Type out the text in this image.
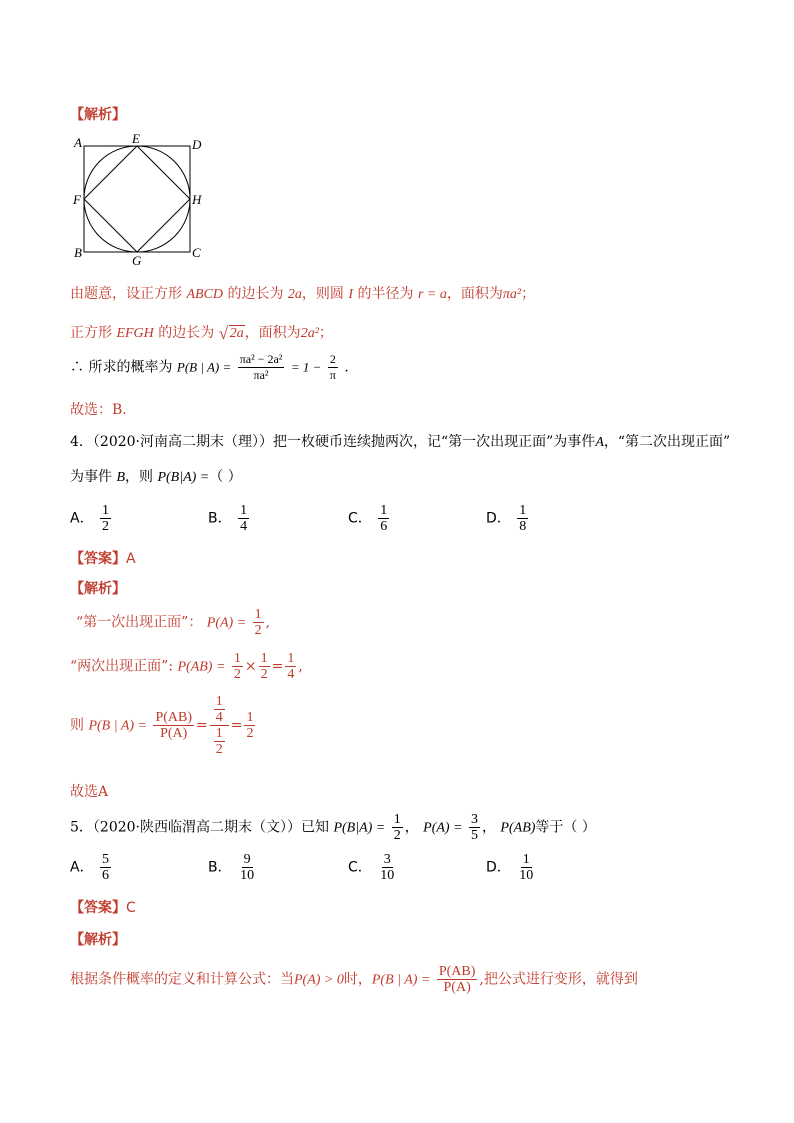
【解析】
A	E	D
F	H
B
G
C
由题意，设正方形 ABCD 的边长为 2a，则圆 I 的半径为 r = a，面积为πa²；
正方形 EFGH 的边长为 √ 2a，面积为2a²；
∴ 所求的概率为 P(B | $A) = \frac{\text{πa² − 2a²}}{\text{πa²}} = 1 - \frac{2}{\pi}$ .
故选：B.
4．（2020·河南高二期末（理））把一枚硬币连续抛两次，记“第一次出现正面”为事件A，“第二次出现正面”
为事件 B，则 P(B|A) =（ ）
A． $\frac{1}{2}$	B． $\frac{1}{4}$	C． $\frac{1}{6}$	D． $\frac{1}{8}$
【答案】A
【解析】
“第一次出现正面”： $P(A) = \frac{1}{2}$ ,
“两次出现正面”: $P(AB) = \frac{1}{2} \times \frac{1}{2} = \frac{1}{4}$ ,
则 P(B | $A) = \frac{P(AB)}{P(A)} = \frac{\frac{1}{4}}{\frac{1}{2}} = \frac{1}{2}$
故选A
5．（2020·陕西临渭高二期末（文））已知 $P(B|A) = \frac{1}{2}$ ， $P(A) = \frac{3}{5}$ ， P(AB)等于（ ）
A． $\frac{5}{6}$	B． $\frac{9}{10}$	C． $\frac{3}{10}$	D． $\frac{1}{10}$
【答案】C
【解析】
根据条件概率的定义和计算公式：当P(A) > 0时，P(B | $A) = \frac{P(AB)}{P(A)}$ ,把公式进行变形，就得到
